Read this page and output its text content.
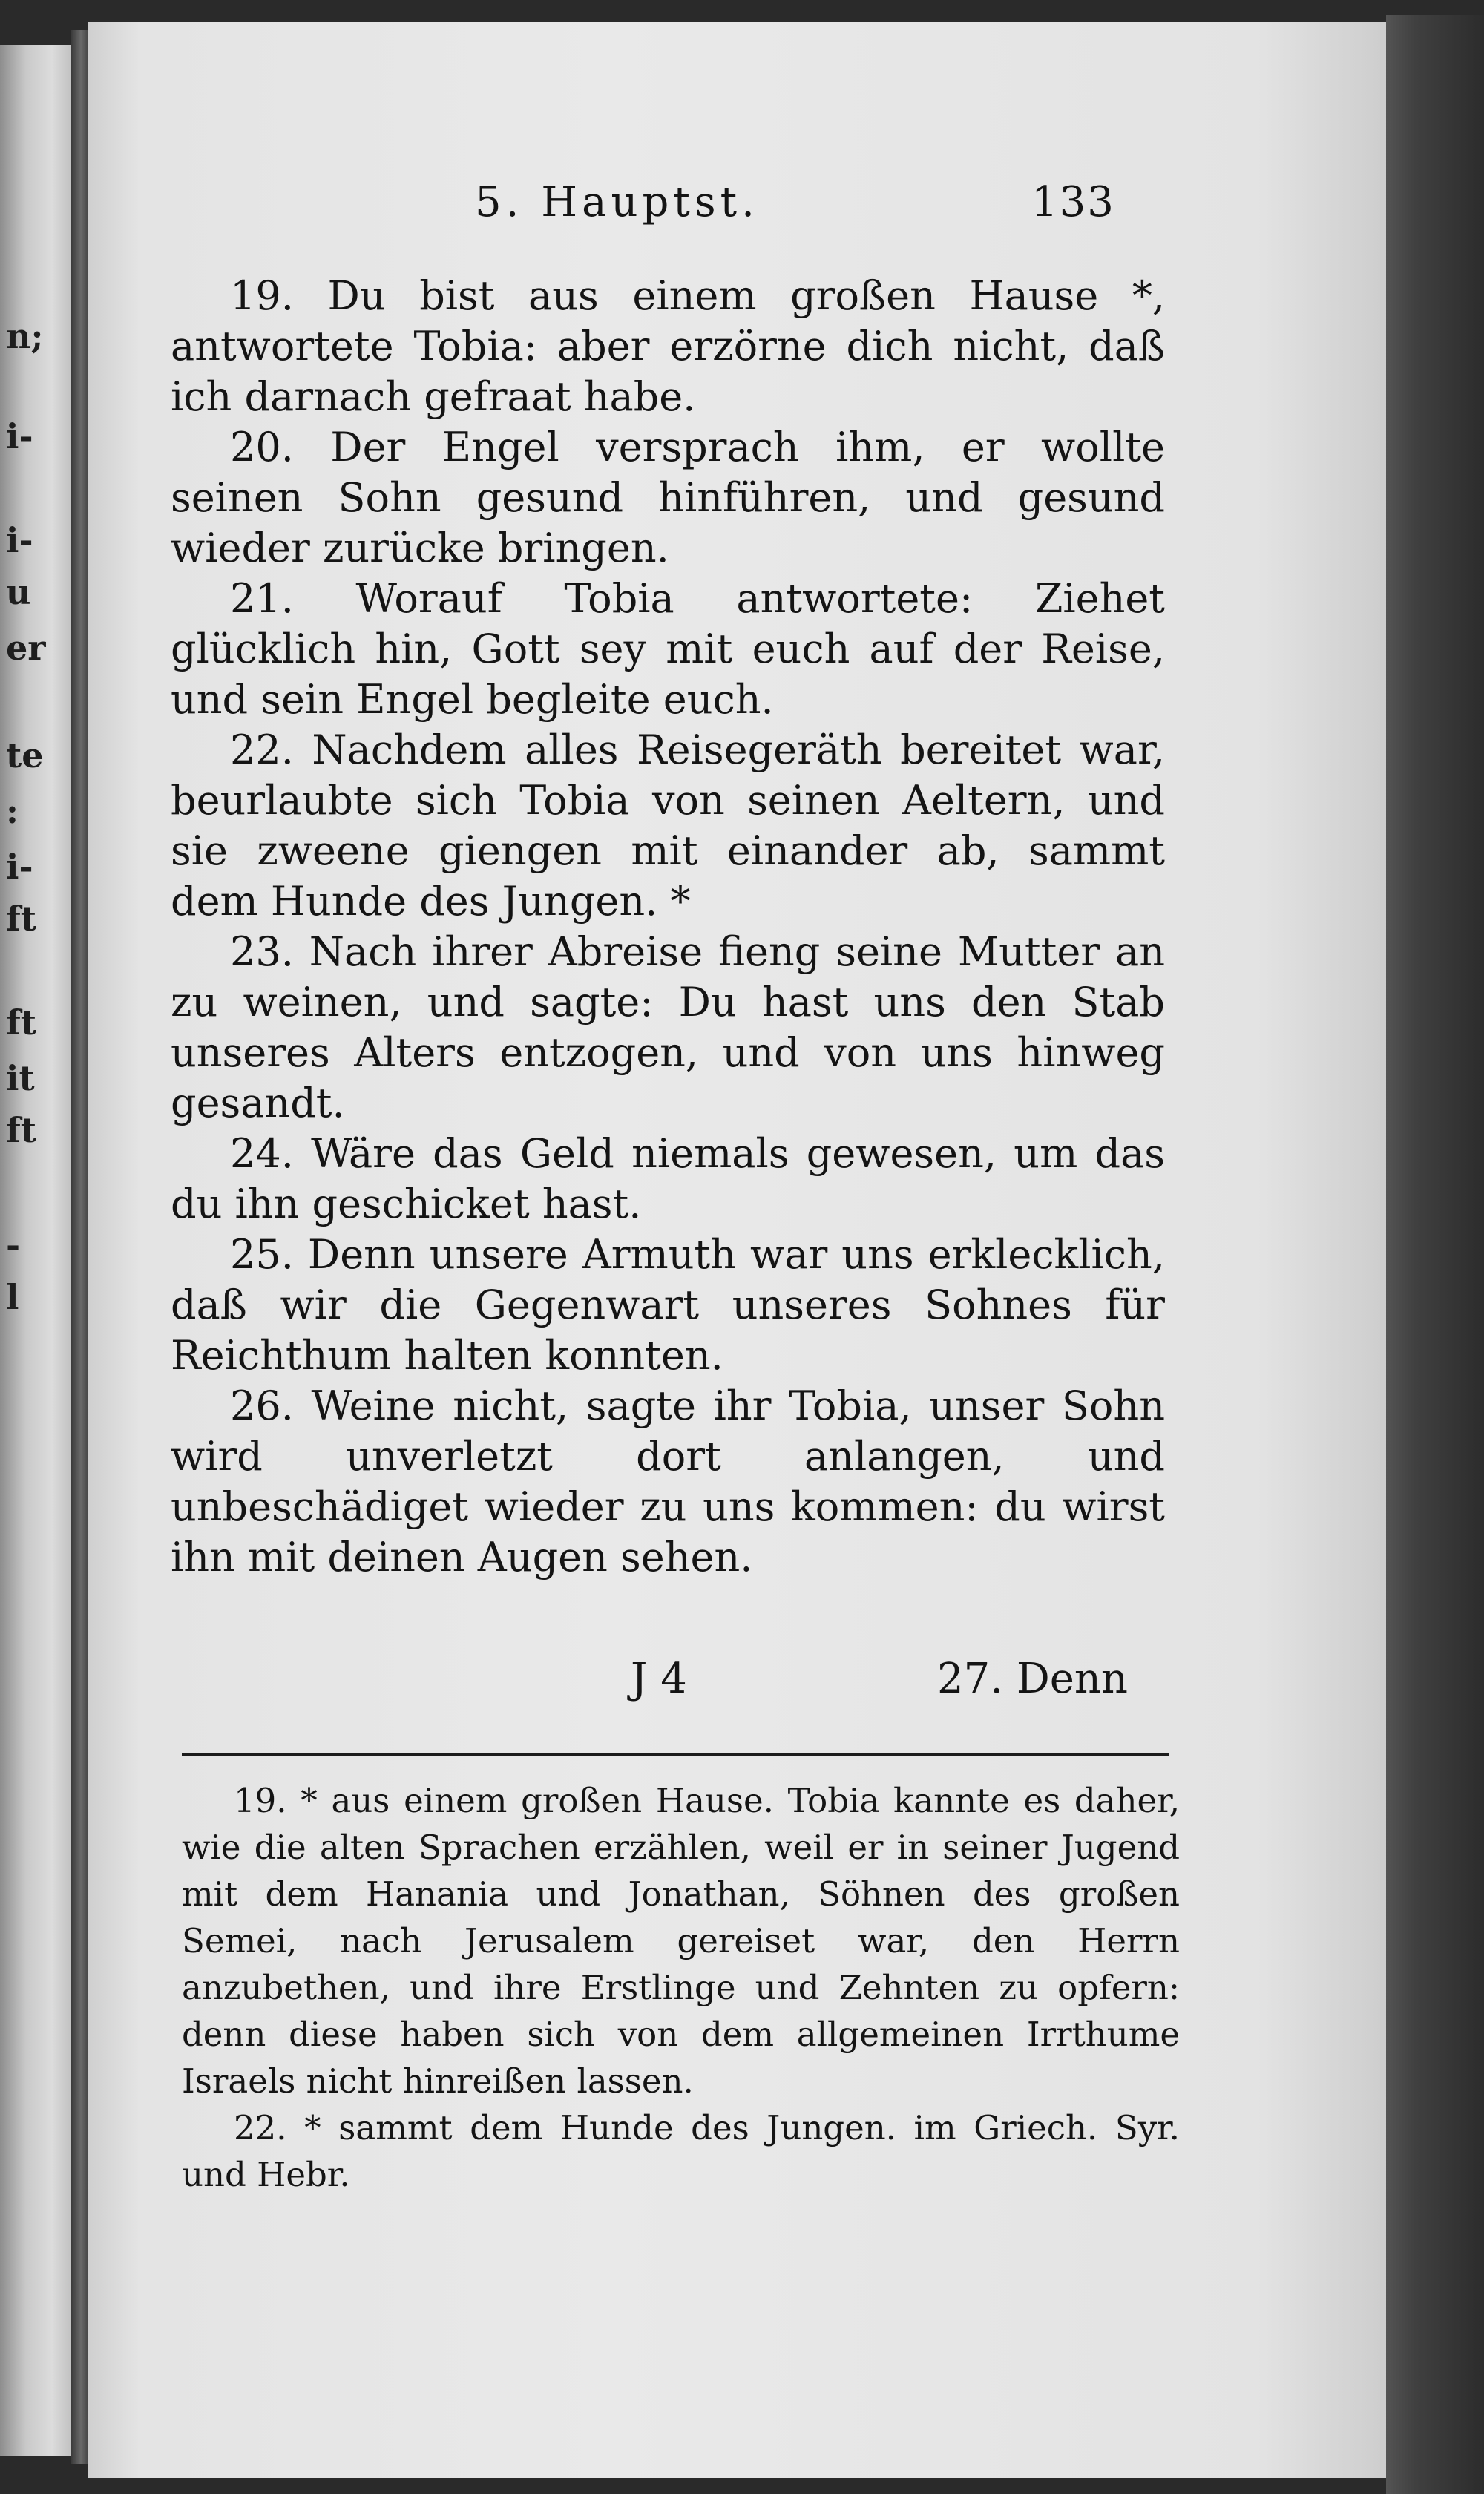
n;
i-
i-
u
er
te
:
i-
ft
ft
it
ft
-
l
5. Hauptst.	133

19. Du bist aus einem großen Hause *, antwortete Tobia: aber erzörne dich nicht, daß ich darnach gefraat habe.

20. Der Engel versprach ihm, er wollte seinen Sohn gesund hinführen, und gesund wieder zurücke bringen.

21. Worauf Tobia antwortete: Ziehet glücklich hin, Gott sey mit euch auf der Reise, und sein Engel begleite euch.

22. Nachdem alles Reisegeräth bereitet war, beurlaubte sich Tobia von seinen Aeltern, und sie zweene giengen mit einander ab, sammt dem Hunde des Jungen. *

23. Nach ihrer Abreise fieng seine Mutter an zu weinen, und sagte: Du hast uns den Stab unseres Alters entzogen, und von uns hinweg gesandt.

24. Wäre das Geld niemals gewesen, um das du ihn geschicket hast.

25. Denn unsere Armuth war uns erklecklich, daß wir die Gegenwart unseres Sohnes für Reichthum halten konnten.

26. Weine nicht, sagte ihr Tobia, unser Sohn wird unverletzt dort anlangen, und unbeschädiget wieder zu uns kommen: du wirst ihn mit deinen Augen sehen.

J 4	27. Denn

19. * aus einem großen Hause. Tobia kannte es daher, wie die alten Sprachen erzählen, weil er in seiner Jugend mit dem Hanania und Jonathan, Söhnen des großen Semei, nach Jerusalem gereiset war, den Herrn anzubethen, und ihre Erstlinge und Zehnten zu opfern: denn diese haben sich von dem allgemeinen Irrthume Israels nicht hinreißen lassen.

22. * sammt dem Hunde des Jungen. im Griech. Syr. und Hebr.
